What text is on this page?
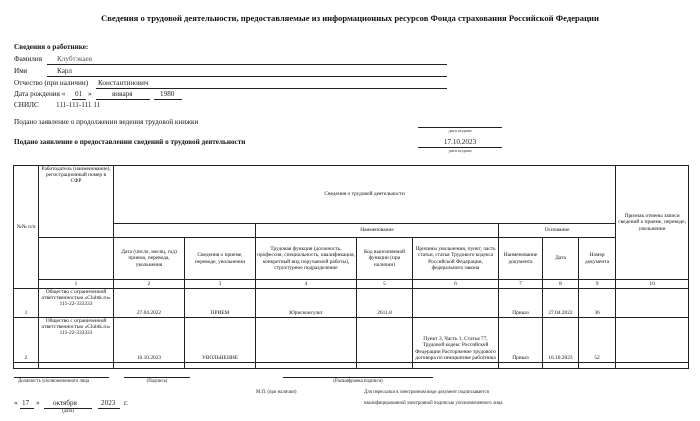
Сведения о трудовой деятельности, предоставляемые из информационных ресурсов Фонда страхования Российской Федерации
Сведения о работнике:
Фамилия Клубтэкаев
Имя	Карл
Отчество (при наличии) Константинович
Дата рождения « 01 »	января	1980
СНИЛС 111-111-111 11
Подано заявление о продолжении ведения трудовой книжки
дата подачи
Подано заявление о предоставлении сведений о трудовой деятельности	17.10.2023
дата подачи
№№ п/п	Работодатель (наименование), регистрационный номер в СФР	Сведения о трудовой деятельности								Признак отмены записи сведений о приеме, переводе, увольнении
				Наименование			Основание			
		Дата (число, месяц, год) приема, перевода, увольнения	Сведения о приеме, переводе, увольнении	Трудовая функция (должность, профессия, специальность, квалификация, конкретный вид поручаемой работы), структурное подразделение	Код выполняемой функции (при наличии)	Причины увольнения, пункт, часть статьи, статья Трудового кодекса Российской Федерации, федерального закона	Наименование документа	Дата	Номер документа	
	1	2	3	4	5	6	7	8	9	10
1	Общество с ограниченной ответственностью «Clubtk.ru» 111-22-333333	27.04.2022	ПРИЕМ	Юрисконсульт	2611.8		Приказ	27.04.2022	36	
2	Общество с ограниченной ответственностью «Clubtk.ru» 111-22-333333	16.10.2023	УВОЛЬНЕНИЕ			Пункт 3, Часть 1, Статья 77, Трудовой кодекс Российской Федерации Расторжение трудового договора по инициативе работника	Приказ	16.10.2023	52	

Должность уполномоченного лица	(Подпись)	(Расшифровка подписи)
М.П. (при наличии)	Для пересылки в электронном виде документ подписывается
квалифицированной электронной подписью уполномоченного лица
« 17 » октября	2023 г.
(дата)
